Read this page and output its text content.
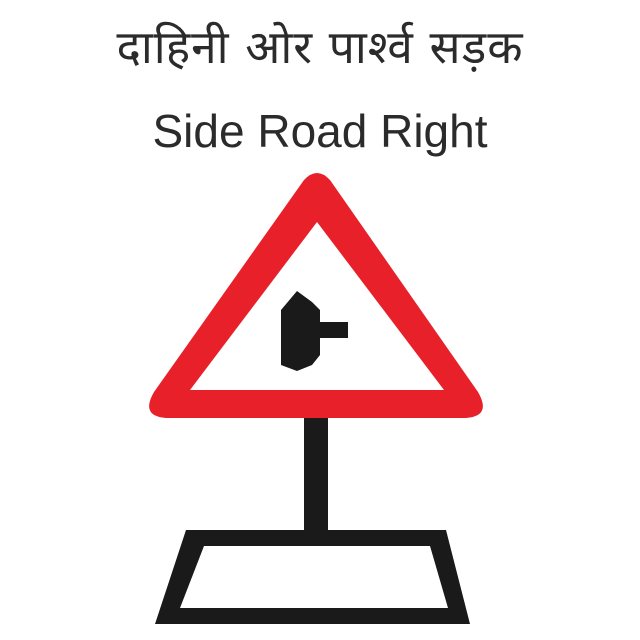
दाहिनी ओर पार्श्व सड़क
Side Road Right
